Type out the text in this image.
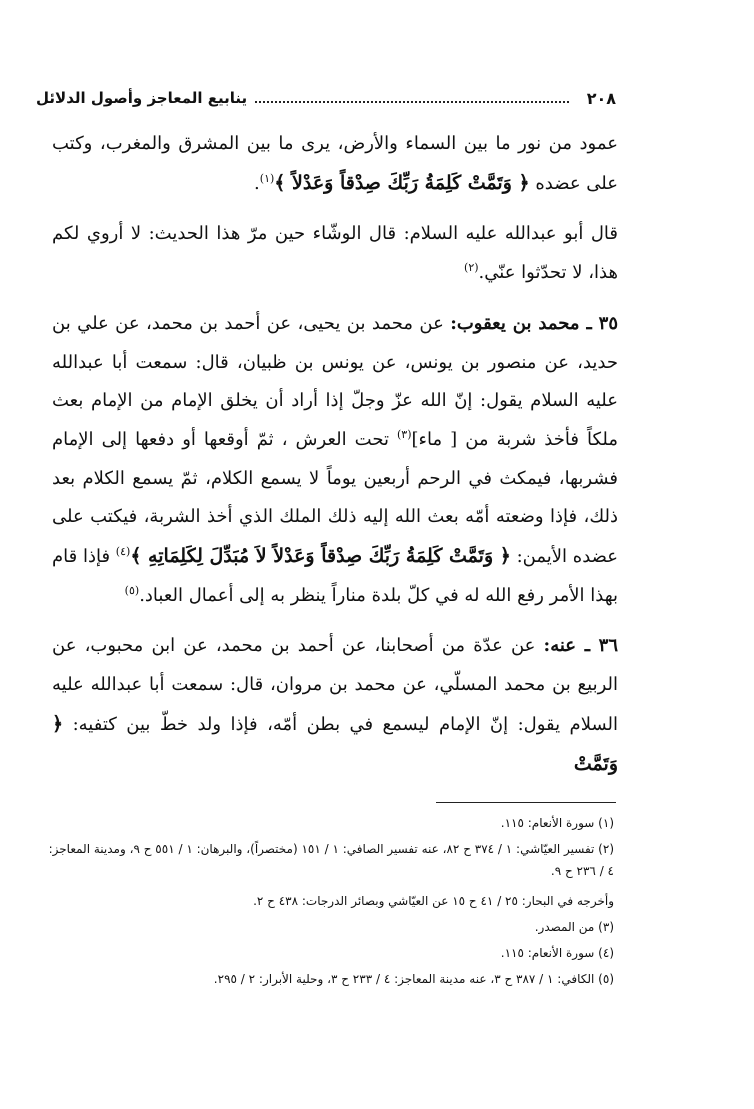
٢٠٨
ينابيع المعاجز وأصول الدلائل

عمود من نور ما بين السماء والأرض، يرى ما بين المشرق والمغرب، وكتب على عضده ﴿ وَتَمَّتْ كَلِمَةُ رَبِّكَ صِدْقاً وَعَدْلاً ﴾$^{(١)}$.

قال أبو عبدالله عليه السلام: قال الوشّاء حين مرّ هذا الحديث: لا أروي لكم هذا، لا تحدّثوا عنّي.$^{(٢)}$

٣٥ ـ محمد بن يعقوب: عن محمد بن يحيى، عن أحمد بن محمد، عن علي بن حديد، عن منصور بن يونس، عن يونس بن ظبيان، قال: سمعت أبا عبدالله عليه السلام يقول: إنّ الله عزّ وجلّ إذا أراد أن يخلق الإمام من الإمام بعث ملكاً فأخذ شربة من [ ماء]$^{(٣)}$ تحت العرش ، ثمّ أوقعها أو دفعها إلى الإمام فشربها، فيمكث في الرحم أربعين يوماً لا يسمع الكلام، ثمّ يسمع الكلام بعد ذلك، فإذا وضعته أمّه بعث الله إليه ذلك الملك الذي أخذ الشربة، فيكتب على عضده الأيمن: ﴿ وَتَمَّتْ كَلِمَةُ رَبِّكَ صِدْقاً وَعَدْلاً لاَ مُبَدِّلَ لِكَلِمَاتِهِ ﴾$^{(٤)}$ فإذا قام بهذا الأمر رفع الله له في كلّ بلدة مناراً ينظر به إلى أعمال العباد.$^{(٥)}$

٣٦ ـ عنه: عن عدّة من أصحابنا، عن أحمد بن محمد، عن ابن محبوب، عن الربيع بن محمد المسلّي، عن محمد بن مروان، قال: سمعت أبا عبدالله عليه السلام يقول: إنّ الإمام ليسمع في بطن أمّه، فإذا ولد خطّ بين كتفيه: ﴿ وَتَمَّتْ

(١) سورة الأنعام: ١١٥.
(٢) تفسير العيّاشي: ١ / ٣٧٤ ح ٨٢، عنه تفسير الصافي: ١ / ١٥١ (مختصراً)، والبرهان: ١ / ٥٥١ ح ٩، ومدينة المعاجز: ٤ / ٢٣٦ ح ٩.
وأخرجه في البحار: ٢٥ / ٤١ ح ١٥ عن العيّاشي وبصائر الدرجات: ٤٣٨ ح ٢.
(٣) من المصدر.
(٤) سورة الأنعام: ١١٥.
(٥) الكافي: ١ / ٣٨٧ ح ٣، عنه مدينة المعاجز: ٤ / ٢٣٣ ح ٣، وحلية الأبرار: ٢ / ٢٩٥.
